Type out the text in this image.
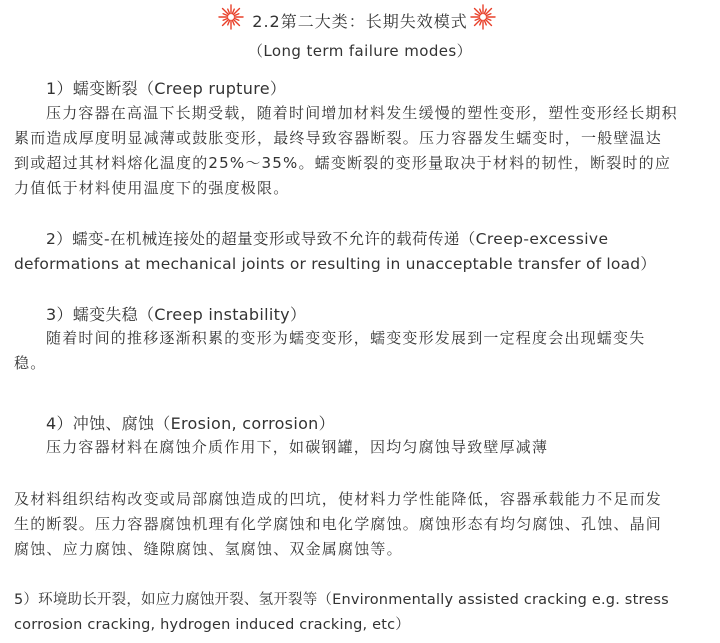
2.2第二大类：长期失效模式
（Long term failure modes）
1）蠕变断裂（Creep rupture）
压力容器在高温下长期受载，随着时间增加材料发生缓慢的塑性变形，塑性变形经长期积
累而造成厚度明显减薄或鼓胀变形，最终导致容器断裂。压力容器发生蠕变时，一般壁温达
到或超过其材料熔化温度的25%～35%。蠕变断裂的变形量取决于材料的韧性，断裂时的应
力值低于材料使用温度下的强度极限。
2）蠕变-在机械连接处的超量变形或导致不允许的载荷传递（Creep-excessive
deformations at mechanical joints or resulting in unacceptable transfer of load）
3）蠕变失稳（Creep instability）
随着时间的推移逐渐积累的变形为蠕变变形，蠕变变形发展到一定程度会出现蠕变失
稳。
4）冲蚀、腐蚀（Erosion, corrosion）
压力容器材料在腐蚀介质作用下，如碳钢罐，因均匀腐蚀导致壁厚减薄
及材料组织结构改变或局部腐蚀造成的凹坑，使材料力学性能降低，容器承载能力不足而发
生的断裂。压力容器腐蚀机理有化学腐蚀和电化学腐蚀。腐蚀形态有均匀腐蚀、孔蚀、晶间
腐蚀、应力腐蚀、缝隙腐蚀、氢腐蚀、双金属腐蚀等。
5）环境助长开裂，如应力腐蚀开裂、氢开裂等（Environmentally assisted cracking e.g. stress
corrosion cracking, hydrogen induced cracking, etc）
